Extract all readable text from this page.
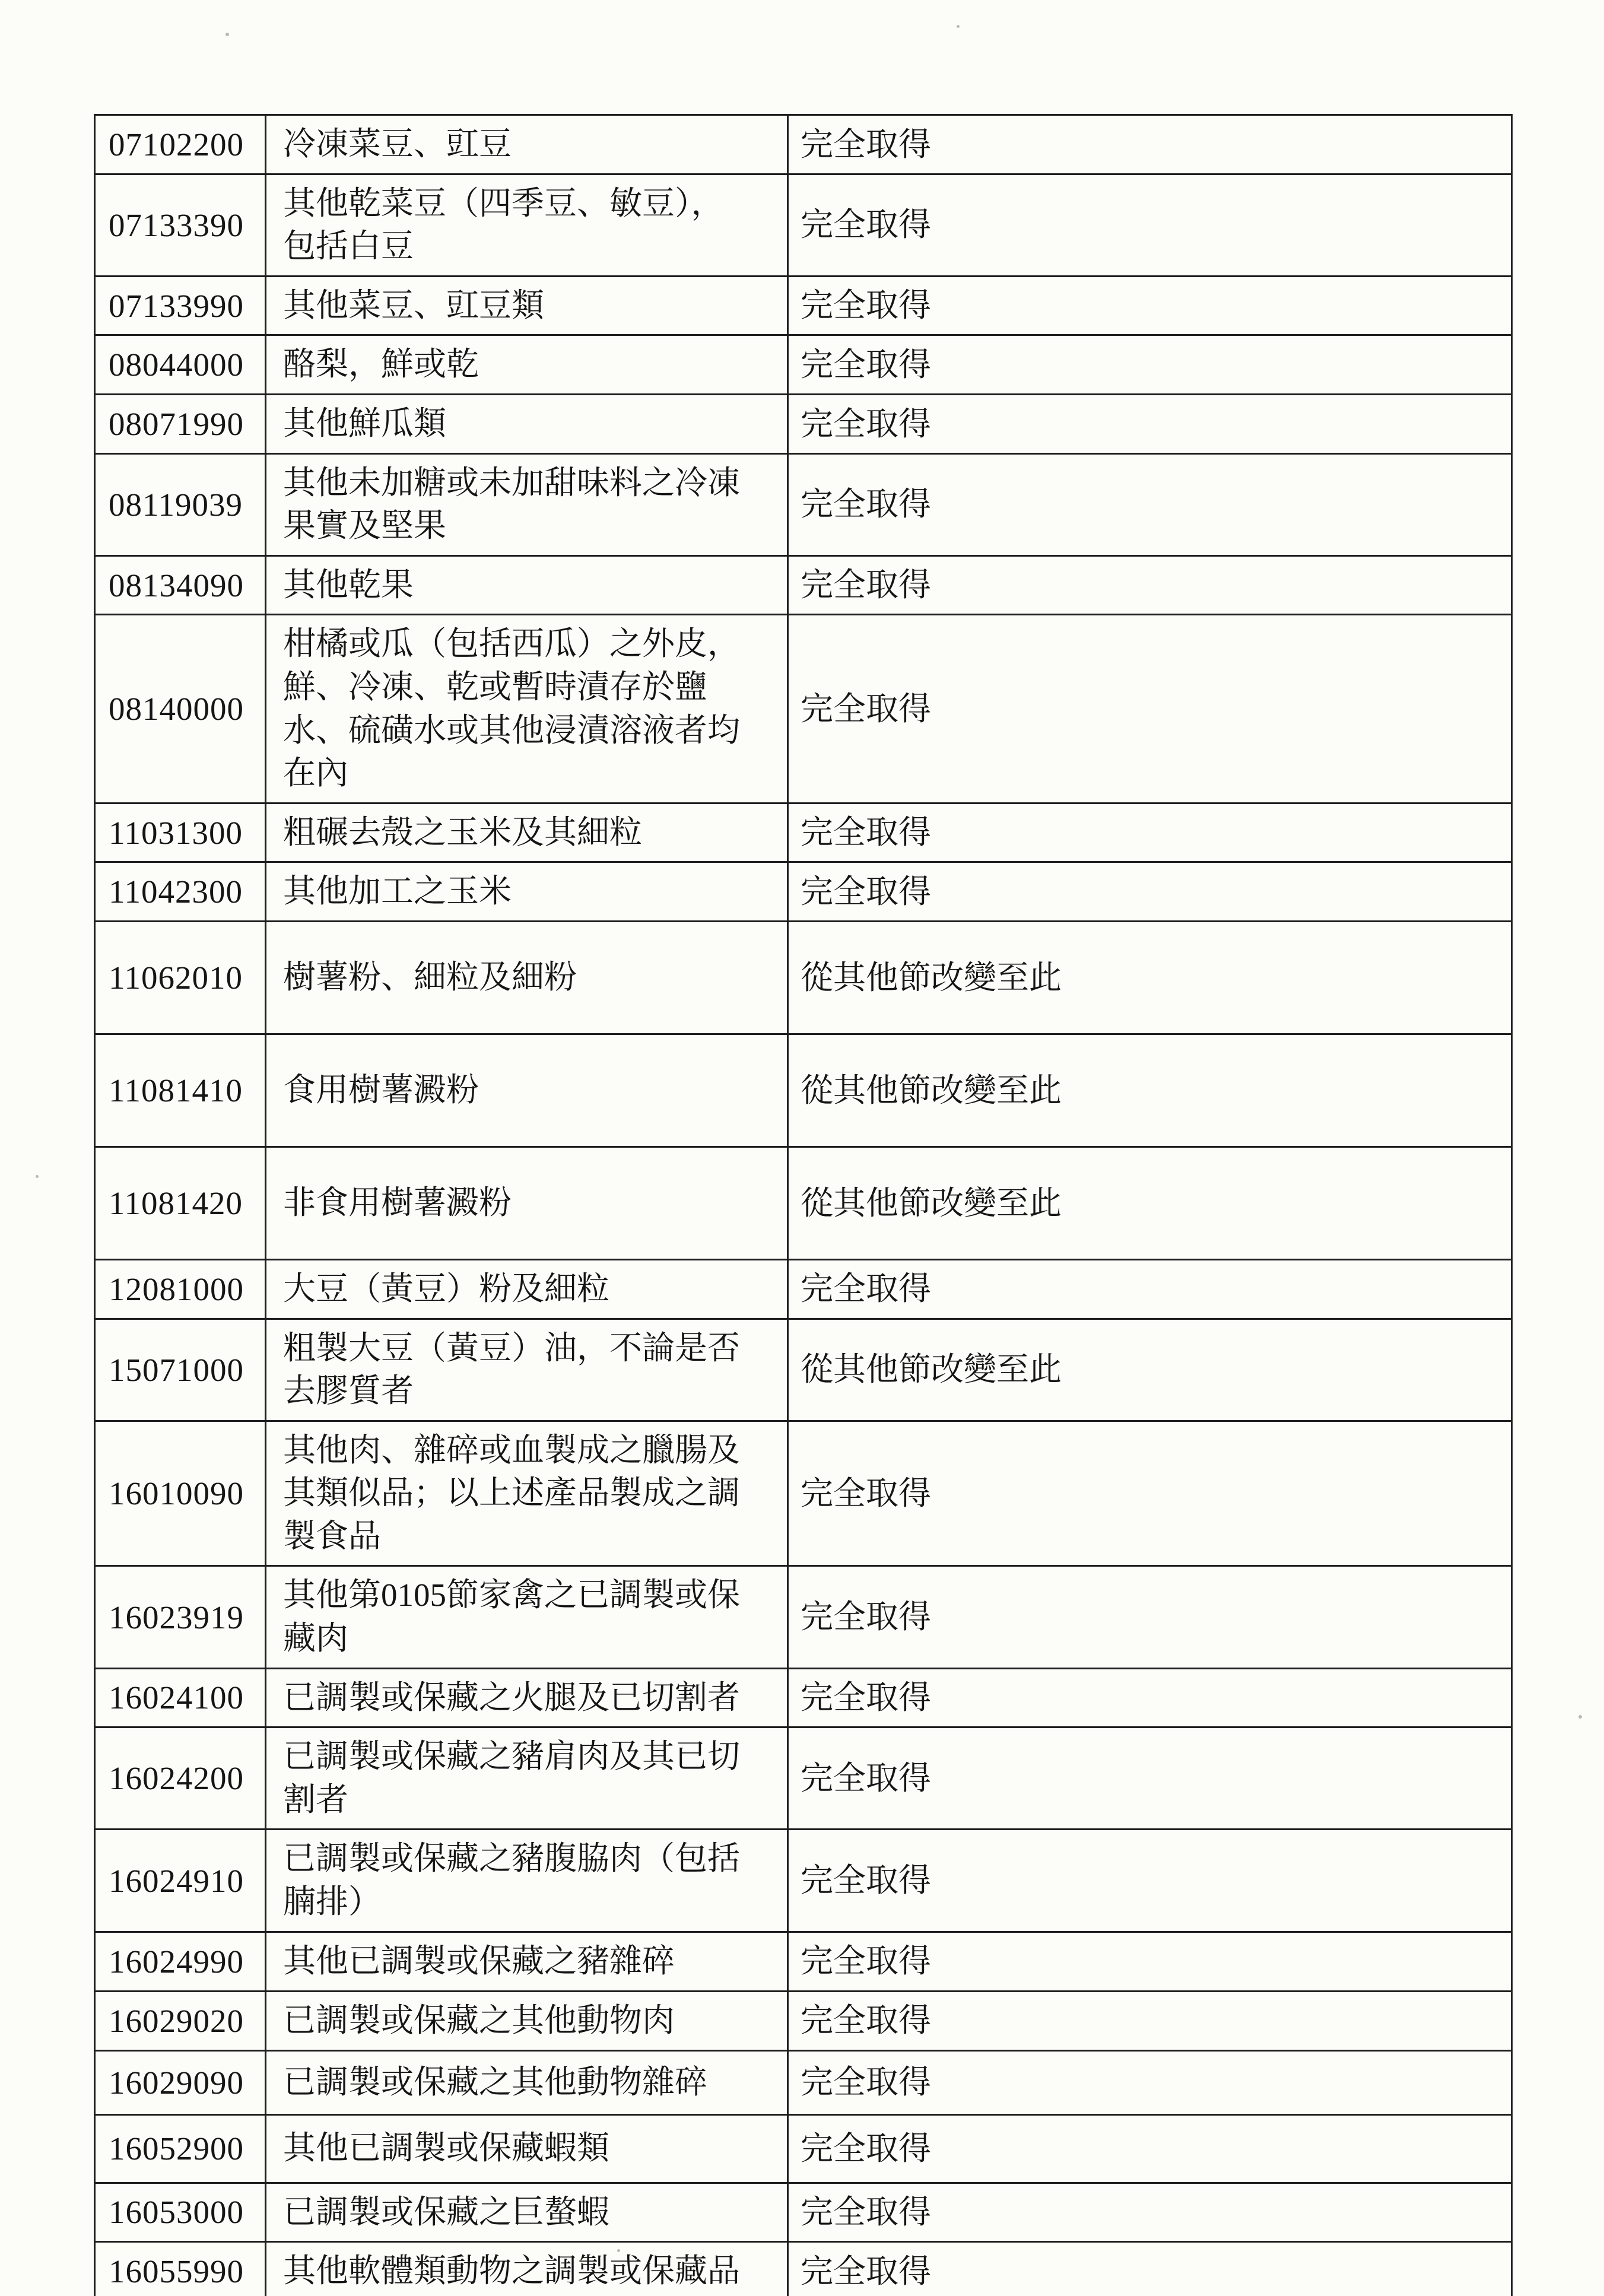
07102200	冷凍菜豆、豇豆	完全取得
07133390	其他乾菜豆（四季豆、敏豆），包括白豆	完全取得
07133990	其他菜豆、豇豆類	完全取得
08044000	酪梨，鮮或乾	完全取得
08071990	其他鮮瓜類	完全取得
08119039	其他未加糖或未加甜味料之冷凍果實及堅果	完全取得
08134090	其他乾果	完全取得
08140000	柑橘或瓜（包括西瓜）之外皮，鮮、冷凍、乾或暫時漬存於鹽水、硫磺水或其他浸漬溶液者均在內	完全取得
11031300	粗碾去殼之玉米及其細粒	完全取得
11042300	其他加工之玉米	完全取得
11062010	樹薯粉、細粒及細粉	從其他節改變至此
11081410	食用樹薯澱粉	從其他節改變至此
11081420	非食用樹薯澱粉	從其他節改變至此
12081000	大豆（黃豆）粉及細粒	完全取得
15071000	粗製大豆（黃豆）油，不論是否去膠質者	從其他節改變至此
16010090	其他肉、雜碎或血製成之臘腸及其類似品；以上述產品製成之調製食品	完全取得
16023919	其他第0105節家禽之已調製或保藏肉	完全取得
16024100	已調製或保藏之火腿及已切割者	完全取得
16024200	已調製或保藏之豬肩肉及其已切割者	完全取得
16024910	已調製或保藏之豬腹脇肉（包括腩排）	完全取得
16024990	其他已調製或保藏之豬雜碎	完全取得
16029020	已調製或保藏之其他動物肉	完全取得
16029090	已調製或保藏之其他動物雜碎	完全取得
16052900	其他已調製或保藏蝦類	完全取得
16053000	已調製或保藏之巨螯蝦	完全取得
16055990	其他軟體類動物之調製或保藏品	完全取得
